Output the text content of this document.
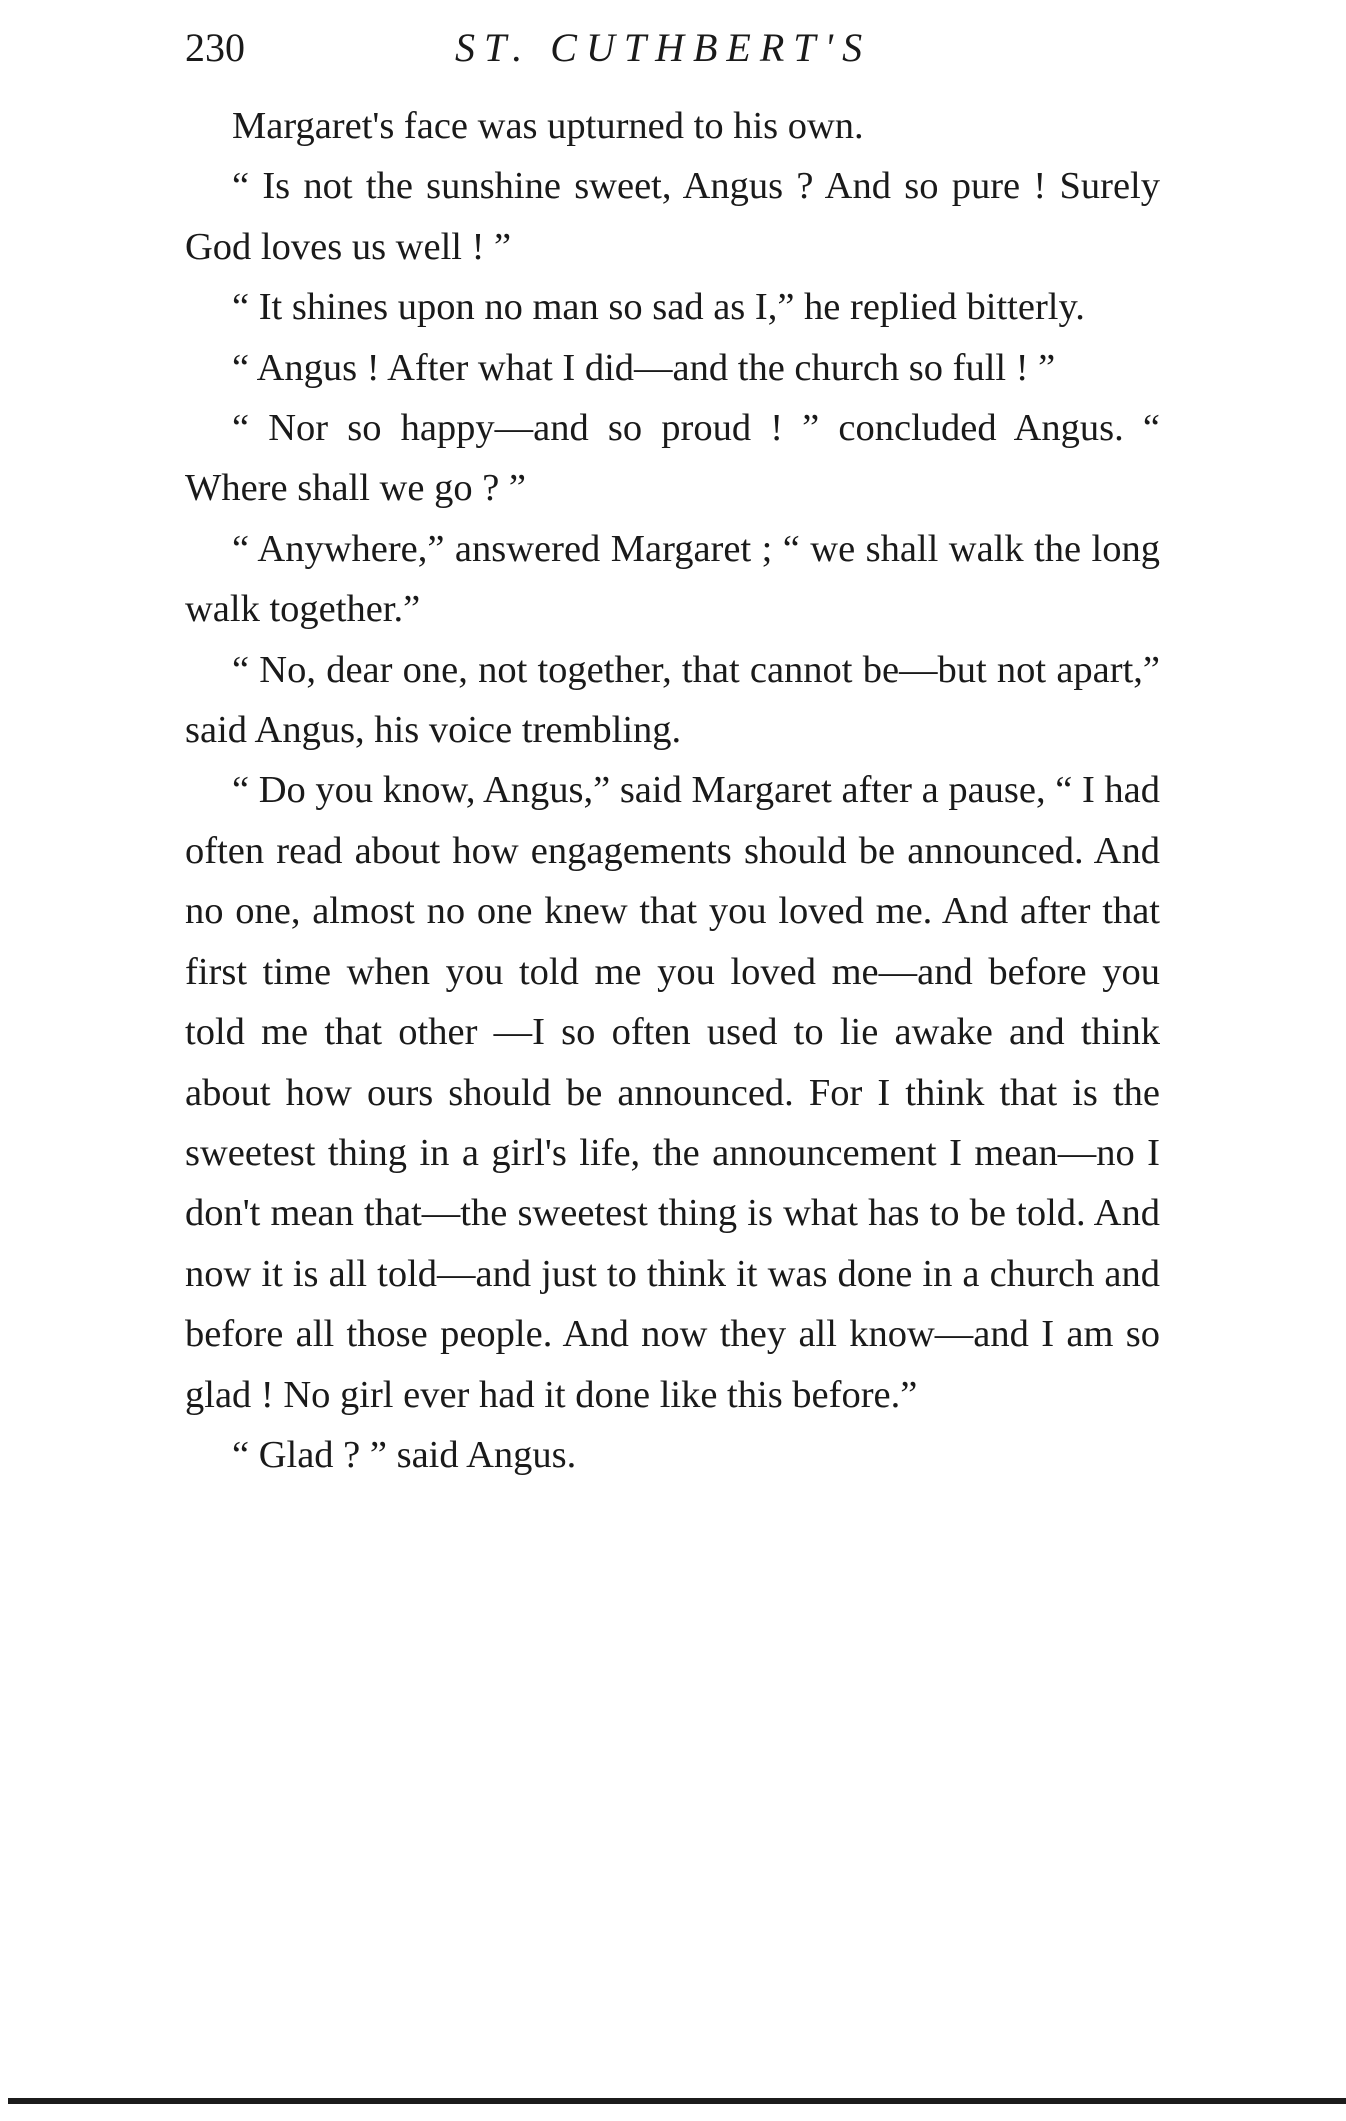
230	ST. CUTHBERT'S

Margaret's face was upturned to his own.

“ Is not the sunshine sweet, Angus ? And so pure ! Surely God loves us well ! ”

“ It shines upon no man so sad as I,” he replied bitterly.

“ Angus ! After what I did—and the church so full ! ”

“ Nor so happy—and so proud ! ” concluded Angus. “ Where shall we go ? ”

“ Anywhere,” answered Margaret ; “ we shall walk the long walk together.”

“ No, dear one, not together, that cannot be—but not apart,” said Angus, his voice trembling.

“ Do you know, Angus,” said Margaret after a pause, “ I had often read about how engagements should be announced. And no one, almost no one knew that you loved me. And after that first time when you told me you loved me—and before you told me that other —I so often used to lie awake and think about how ours should be announced. For I think that is the sweetest thing in a girl's life, the announcement I mean—no I don't mean that—the sweetest thing is what has to be told. And now it is all told—and just to think it was done in a church and before all those people. And now they all know—and I am so glad ! No girl ever had it done like this before.”

“ Glad ? ” said Angus.
